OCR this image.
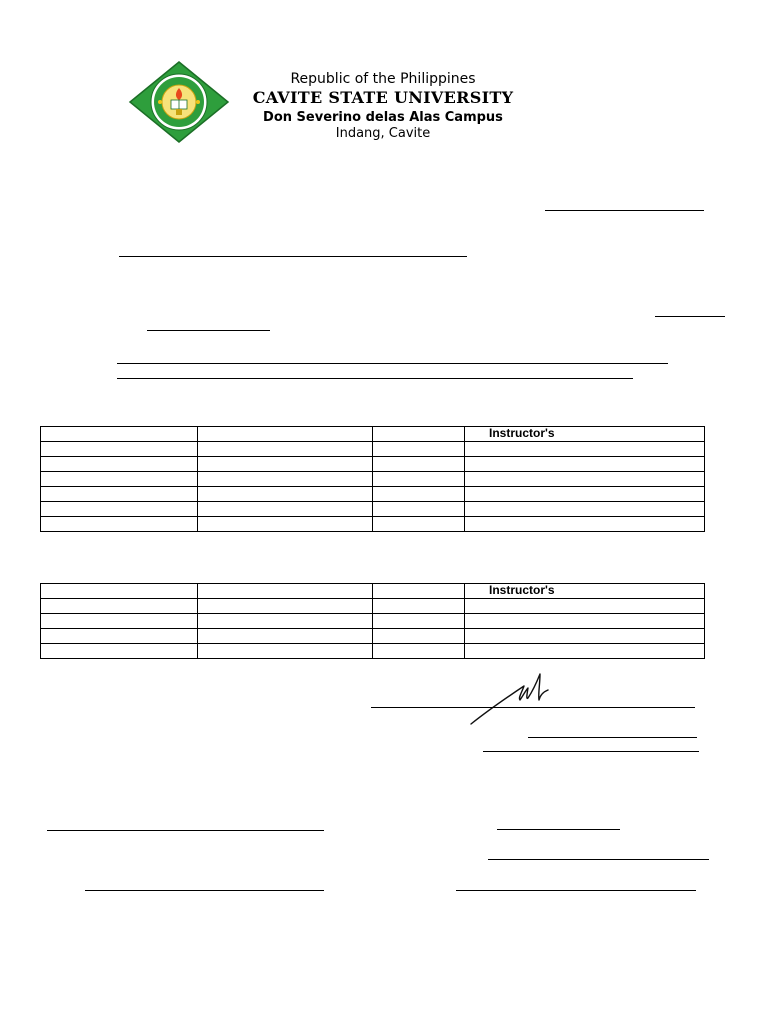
Republic of the Philippines
CAVITE STATE UNIVERSITY
Don Severino delas Alas Campus
Indang, Cavite
			Instructor's

			Instructor's
